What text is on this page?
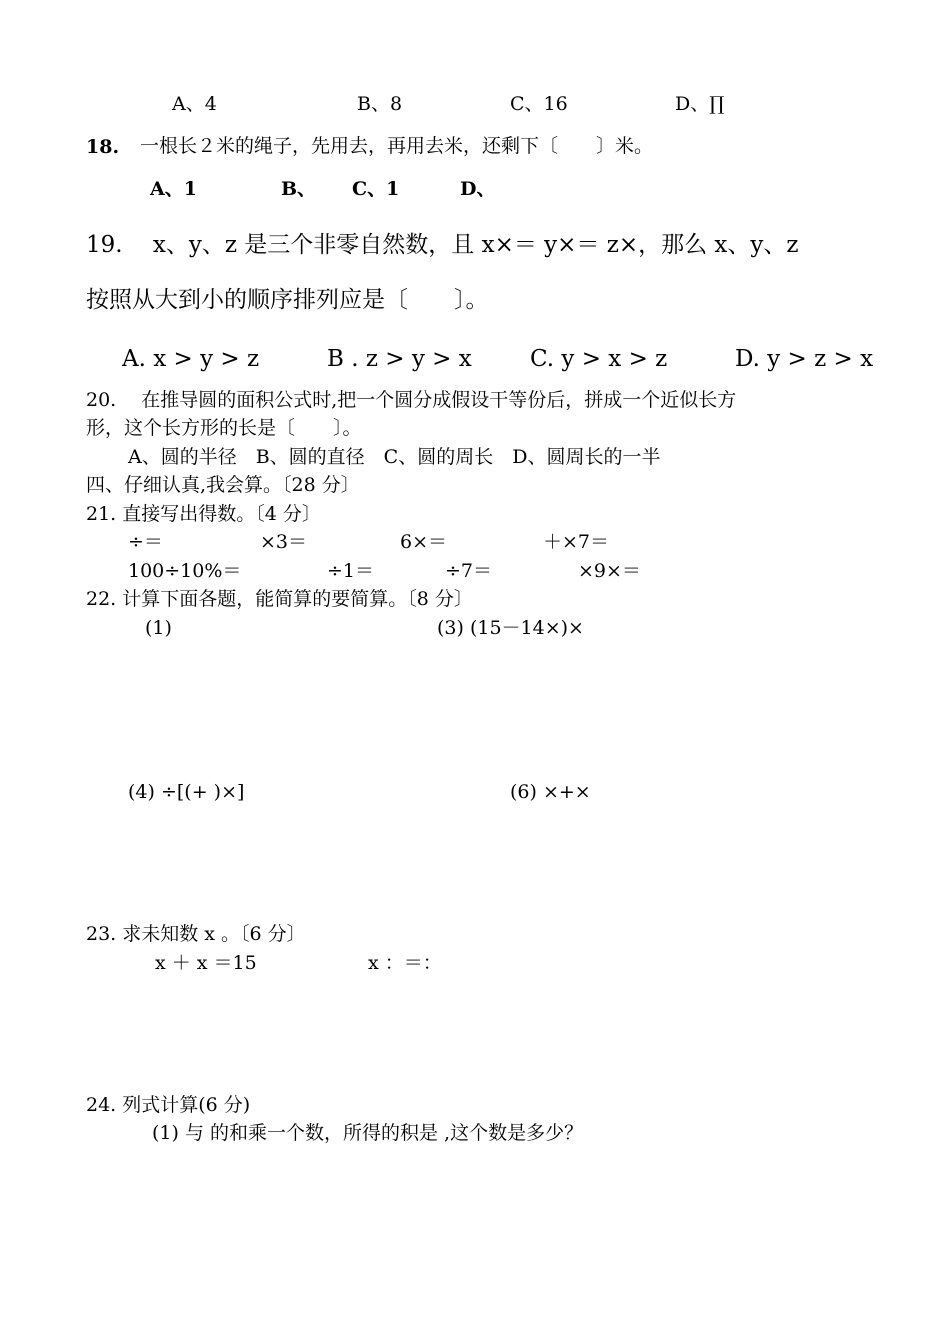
A、4	B、8	C、16	D、∏
18. 一根长２米的绳子，先用去，再用去米，还剩下〔　　〕米。
A、1	B、 C、1	D、
19.　 x、y、z 是三个非零自然数，且 x×＝ y×＝ z×，那么 x、y、z
按照从大到小的顺序排列应是〔　　〕。
A. x > y > z	B . z > y > x	C. y > x > z	D. y > z > x
20.　 在推导圆的面积公式时,把一个圆分成假设干等份后，拼成一个近似长方
形，这个长方形的长是〔　　〕。
A、圆的半径　B、圆的直径　C、圆的周长　D、圆周长的一半
四、仔细认真,我会算。〔28 分〕
21. 直接写出得数。〔4 分〕
÷＝	×3＝	6×＝	＋×7＝
100÷10%＝	÷1＝	÷7＝	×9×＝
22. 计算下面各题，能简算的要简算。〔8 分〕
(1)	(3) (15－14×)×
(4) ÷[(+ )×]	(6) ×+×
23. 求未知数 x 。〔6 分〕
x ＋ x ＝15	x ：＝：
24. 列式计算(6 分)
(1) 与 的和乘一个数，所得的积是 ,这个数是多少？
